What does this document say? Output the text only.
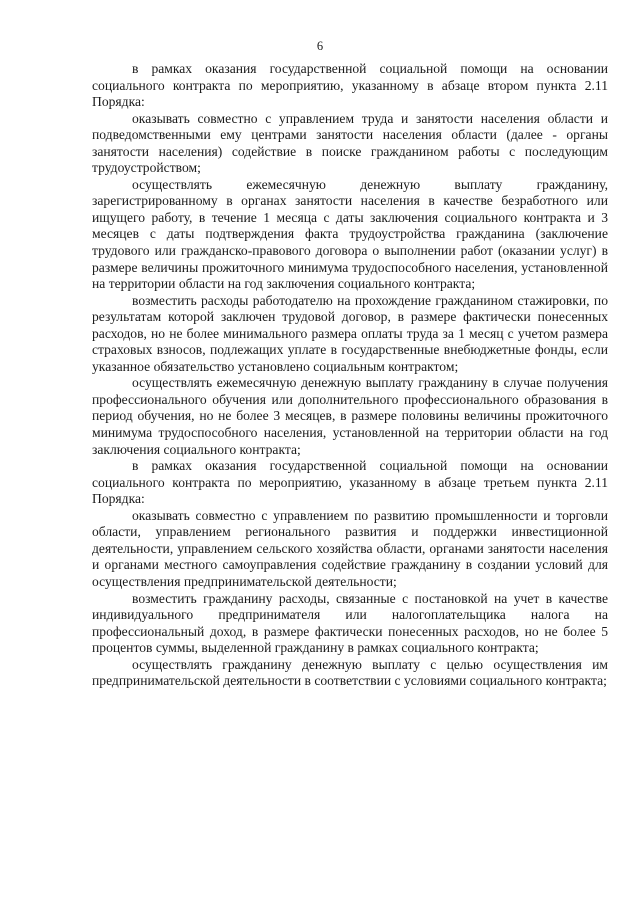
6

в рамках оказания государственной социальной помощи на основании социального контракта по мероприятию, указанному в абзаце втором пункта 2.11 Порядка:

оказывать совместно с управлением труда и занятости населения области и подведомственными ему центрами занятости населения области (далее - органы занятости населения) содействие в поиске гражданином работы с последующим трудоустройством;

осуществлять ежемесячную денежную выплату гражданину, зарегистрированному в органах занятости населения в качестве безработного или ищущего работу, в течение 1 месяца с даты заключения социального контракта и 3 месяцев с даты подтверждения факта трудоустройства гражданина (заключение трудового или гражданско-правового договора о выполнении работ (оказании услуг) в размере величины прожиточного минимума трудоспособного населения, установленной на территории области на год заключения социального контракта;

возместить расходы работодателю на прохождение гражданином стажировки, по результатам которой заключен трудовой договор, в размере фактически понесенных расходов, но не более минимального размера оплаты труда за 1 месяц с учетом размера страховых взносов, подлежащих уплате в государственные внебюджетные фонды, если указанное обязательство установлено социальным контрактом;

осуществлять ежемесячную денежную выплату гражданину в случае получения профессионального обучения или дополнительного профессионального образования в период обучения, но не более 3 месяцев, в размере половины величины прожиточного минимума трудоспособного населения, установленной на территории области на год заключения социального контракта;

в рамках оказания государственной социальной помощи на основании социального контракта по мероприятию, указанному в абзаце третьем пункта 2.11 Порядка:

оказывать совместно с управлением по развитию промышленности и торговли области, управлением регионального развития и поддержки инвестиционной деятельности, управлением сельского хозяйства области, органами занятости населения и органами местного самоуправления содействие гражданину в создании условий для осуществления предпринимательской деятельности;

возместить гражданину расходы, связанные с постановкой на учет в качестве индивидуального предпринимателя или налогоплательщика налога на профессиональный доход, в размере фактически понесенных расходов, но не более 5 процентов суммы, выделенной гражданину в рамках социального контракта;

осуществлять гражданину денежную выплату с целью осуществления им предпринимательской деятельности в соответствии с условиями социального контракта;
